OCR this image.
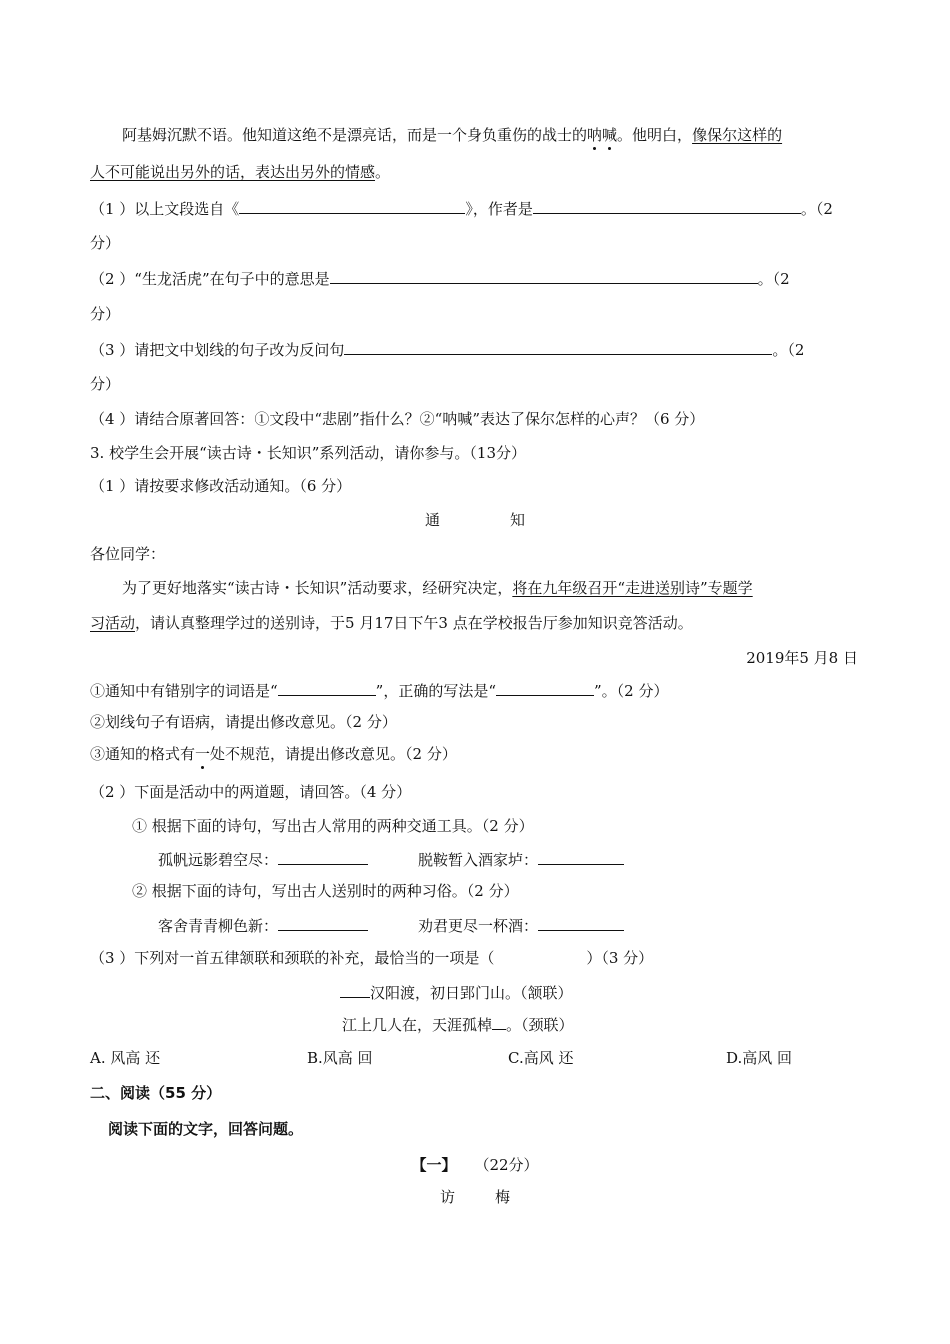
阿基姆沉默不语。他知道这绝不是漂亮话，而是一个身负重伤的战士的呐喊。他明白，像保尔这样的
人不可能说出另外的话，表达出另外的情感。
（1 ）以上文段选自《	》，作者是	。（2
分）
（2 ）“生龙活虎”在句子中的意思是	。（2
分）
（3 ）请把文中划线的句子改为反问句	。（2
分）
（4 ）请结合原著回答：①文段中“悲剧”指什么？②“呐喊”表达了保尔怎样的心声？（6 分）
3. 校学生会开展“读古诗・长知识”系列活动，请你参与。（13分）
（1 ）请按要求修改活动通知。（6 分）
通	知
各位同学：
为了更好地落实“读古诗・长知识”活动要求，经研究决定，将在九年级召开“走进送别诗”专题学
习活动，请认真整理学过的送别诗，于5 月17日下午3 点在学校报告厅参加知识竞答活动。
2019年5 月8 日
①通知中有错别字的词语是“	”，正确的写法是“	”。（2 分）
②划线句子有语病，请提出修改意见。（2 分）
③通知的格式有一处不规范，请提出修改意见。（2 分）
（2 ）下面是活动中的两道题，请回答。（4 分）
① 根据下面的诗句，写出古人常用的两种交通工具。（2 分）
孤帆远影碧空尽：	脱鞍暂入酒家垆：
② 根据下面的诗句，写出古人送别时的两种习俗。（2 分）
客舍青青柳色新：	劝君更尽一杯酒：
（3 ）下列对一首五律颔联和颈联的补充，最恰当的一项是（	）（3 分）
汉阳渡，初日郢门山。（颔联）
江上几人在，天涯孤棹 。（颈联）
A. 风高 还	B.风高 回	C.高风 还	D.高风 回
二、阅读（55 分）
阅读下面的文字，回答问题。
【一】 （22分）
访	梅
